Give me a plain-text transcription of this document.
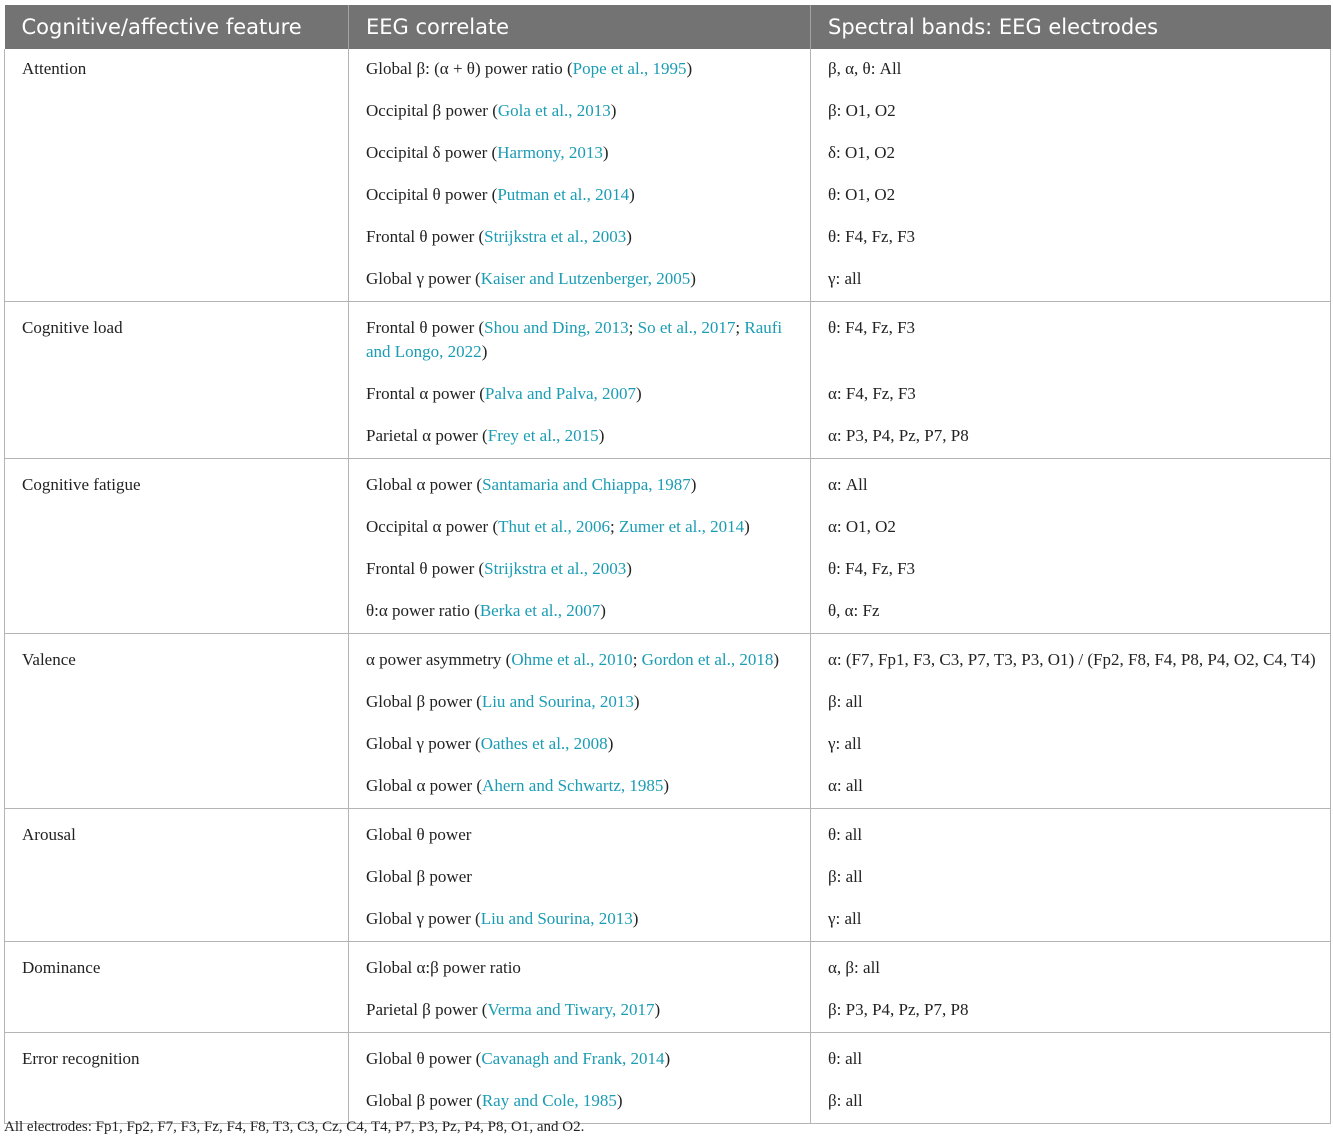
Cognitive/affective feature	EEG correlate	Spectral bands: EEG electrodes
Attention	Global β: (α + θ) power ratio (Pope et al., 1995)	β, α, θ: All
	Occipital β power (Gola et al., 2013)	β: O1, O2
	Occipital δ power (Harmony, 2013)	δ: O1, O2
	Occipital θ power (Putman et al., 2014)	θ: O1, O2
	Frontal θ power (Strijkstra et al., 2003)	θ: F4, Fz, F3
	Global γ power (Kaiser and Lutzenberger, 2005)	γ: all
Cognitive load	Frontal θ power (Shou and Ding, 2013; So et al., 2017; Raufi and Longo, 2022)	θ: F4, Fz, F3
	Frontal α power (Palva and Palva, 2007)	α: F4, Fz, F3
	Parietal α power (Frey et al., 2015)	α: P3, P4, Pz, P7, P8
Cognitive fatigue	Global α power (Santamaria and Chiappa, 1987)	α: All
	Occipital α power (Thut et al., 2006; Zumer et al., 2014)	α: O1, O2
	Frontal θ power (Strijkstra et al., 2003)	θ: F4, Fz, F3
	θ:α power ratio (Berka et al., 2007)	θ, α: Fz
Valence	α power asymmetry (Ohme et al., 2010; Gordon et al., 2018)	α: (F7, Fp1, F3, C3, P7, T3, P3, O1) / (Fp2, F8, F4, P8, P4, O2, C4, T4)
	Global β power (Liu and Sourina, 2013)	β: all
	Global γ power (Oathes et al., 2008)	γ: all
	Global α power (Ahern and Schwartz, 1985)	α: all
Arousal	Global θ power	θ: all
	Global β power	β: all
	Global γ power (Liu and Sourina, 2013)	γ: all
Dominance	Global α:β power ratio	α, β: all
	Parietal β power (Verma and Tiwary, 2017)	β: P3, P4, Pz, P7, P8
Error recognition	Global θ power (Cavanagh and Frank, 2014)	θ: all
	Global β power (Ray and Cole, 1985)	β: all
All electrodes: Fp1, Fp2, F7, F3, Fz, F4, F8, T3, C3, Cz, C4, T4, P7, P3, Pz, P4, P8, O1, and O2.
